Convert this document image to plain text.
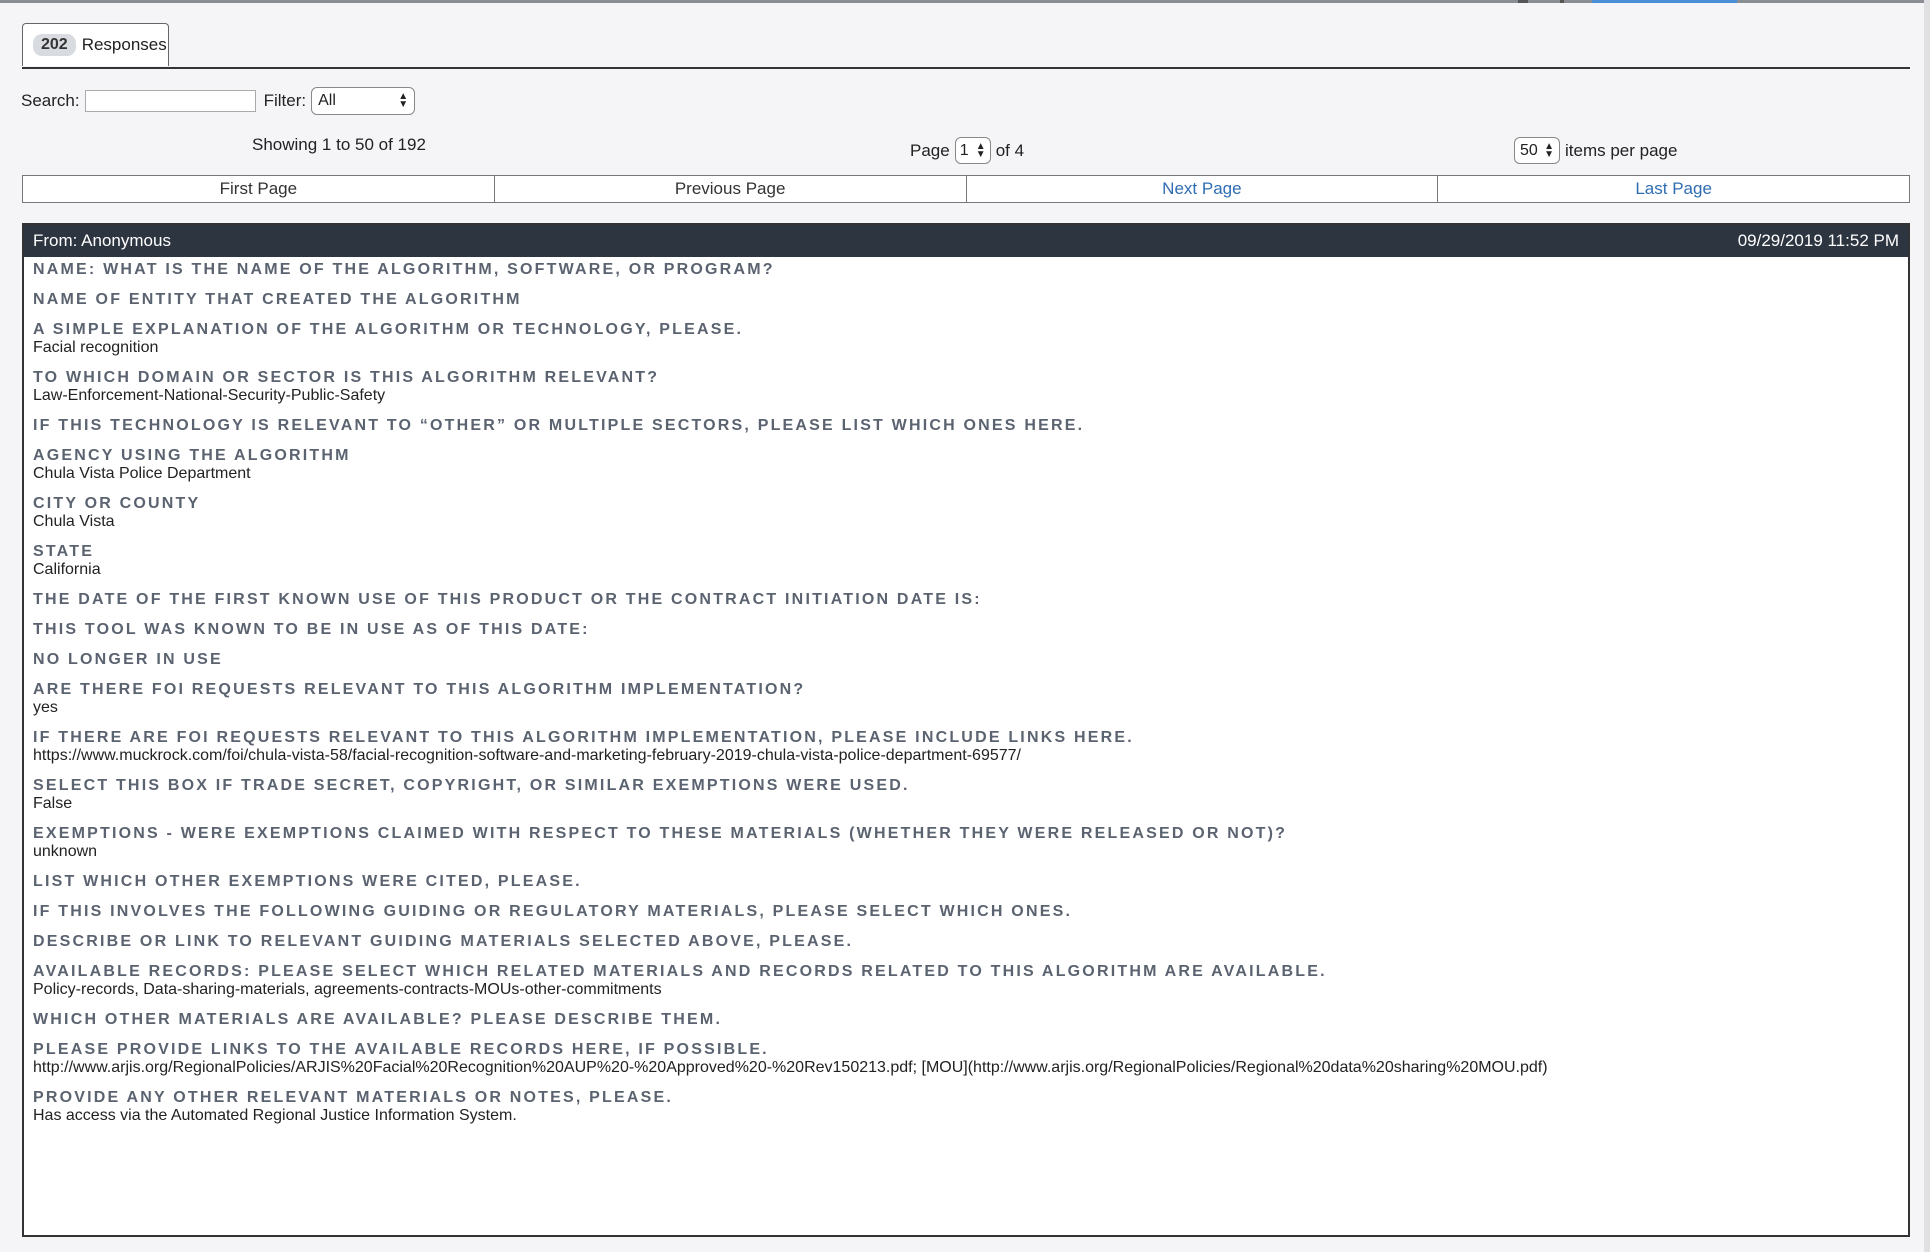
202 Responses
Search:	Filter: All	▲
▼
Showing 1 to 50 of 192	Page 1 ▲
▼ of 4	50 ▲
▼ items per page
First Page	Previous Page	Next Page	Last Page
From: Anonymous	09/29/2019 11:52 PM
NAME: WHAT IS THE NAME OF THE ALGORITHM, SOFTWARE, OR PROGRAM?
NAME OF ENTITY THAT CREATED THE ALGORITHM
A SIMPLE EXPLANATION OF THE ALGORITHM OR TECHNOLOGY, PLEASE.
Facial recognition
TO WHICH DOMAIN OR SECTOR IS THIS ALGORITHM RELEVANT?
Law-Enforcement-National-Security-Public-Safety
IF THIS TECHNOLOGY IS RELEVANT TO “OTHER” OR MULTIPLE SECTORS, PLEASE LIST WHICH ONES HERE.
AGENCY USING THE ALGORITHM
Chula Vista Police Department
CITY OR COUNTY
Chula Vista
STATE
California
THE DATE OF THE FIRST KNOWN USE OF THIS PRODUCT OR THE CONTRACT INITIATION DATE IS:
THIS TOOL WAS KNOWN TO BE IN USE AS OF THIS DATE:
NO LONGER IN USE
ARE THERE FOI REQUESTS RELEVANT TO THIS ALGORITHM IMPLEMENTATION?
yes
IF THERE ARE FOI REQUESTS RELEVANT TO THIS ALGORITHM IMPLEMENTATION, PLEASE INCLUDE LINKS HERE.
https://www.muckrock.com/foi/chula-vista-58/facial-recognition-software-and-marketing-february-2019-chula-vista-police-department-69577/
SELECT THIS BOX IF TRADE SECRET, COPYRIGHT, OR SIMILAR EXEMPTIONS WERE USED.
False
EXEMPTIONS - WERE EXEMPTIONS CLAIMED WITH RESPECT TO THESE MATERIALS (WHETHER THEY WERE RELEASED OR NOT)?
unknown
LIST WHICH OTHER EXEMPTIONS WERE CITED, PLEASE.
IF THIS INVOLVES THE FOLLOWING GUIDING OR REGULATORY MATERIALS, PLEASE SELECT WHICH ONES.
DESCRIBE OR LINK TO RELEVANT GUIDING MATERIALS SELECTED ABOVE, PLEASE.
AVAILABLE RECORDS: PLEASE SELECT WHICH RELATED MATERIALS AND RECORDS RELATED TO THIS ALGORITHM ARE AVAILABLE.
Policy-records, Data-sharing-materials, agreements-contracts-MOUs-other-commitments
WHICH OTHER MATERIALS ARE AVAILABLE? PLEASE DESCRIBE THEM.
PLEASE PROVIDE LINKS TO THE AVAILABLE RECORDS HERE, IF POSSIBLE.
http://www.arjis.org/RegionalPolicies/ARJIS%20Facial%20Recognition%20AUP%20-%20Approved%20-%20Rev150213.pdf; [MOU](http://www.arjis.org/RegionalPolicies/Regional%20data%20sharing%20MOU.pdf)
PROVIDE ANY OTHER RELEVANT MATERIALS OR NOTES, PLEASE.
Has access via the Automated Regional Justice Information System.
